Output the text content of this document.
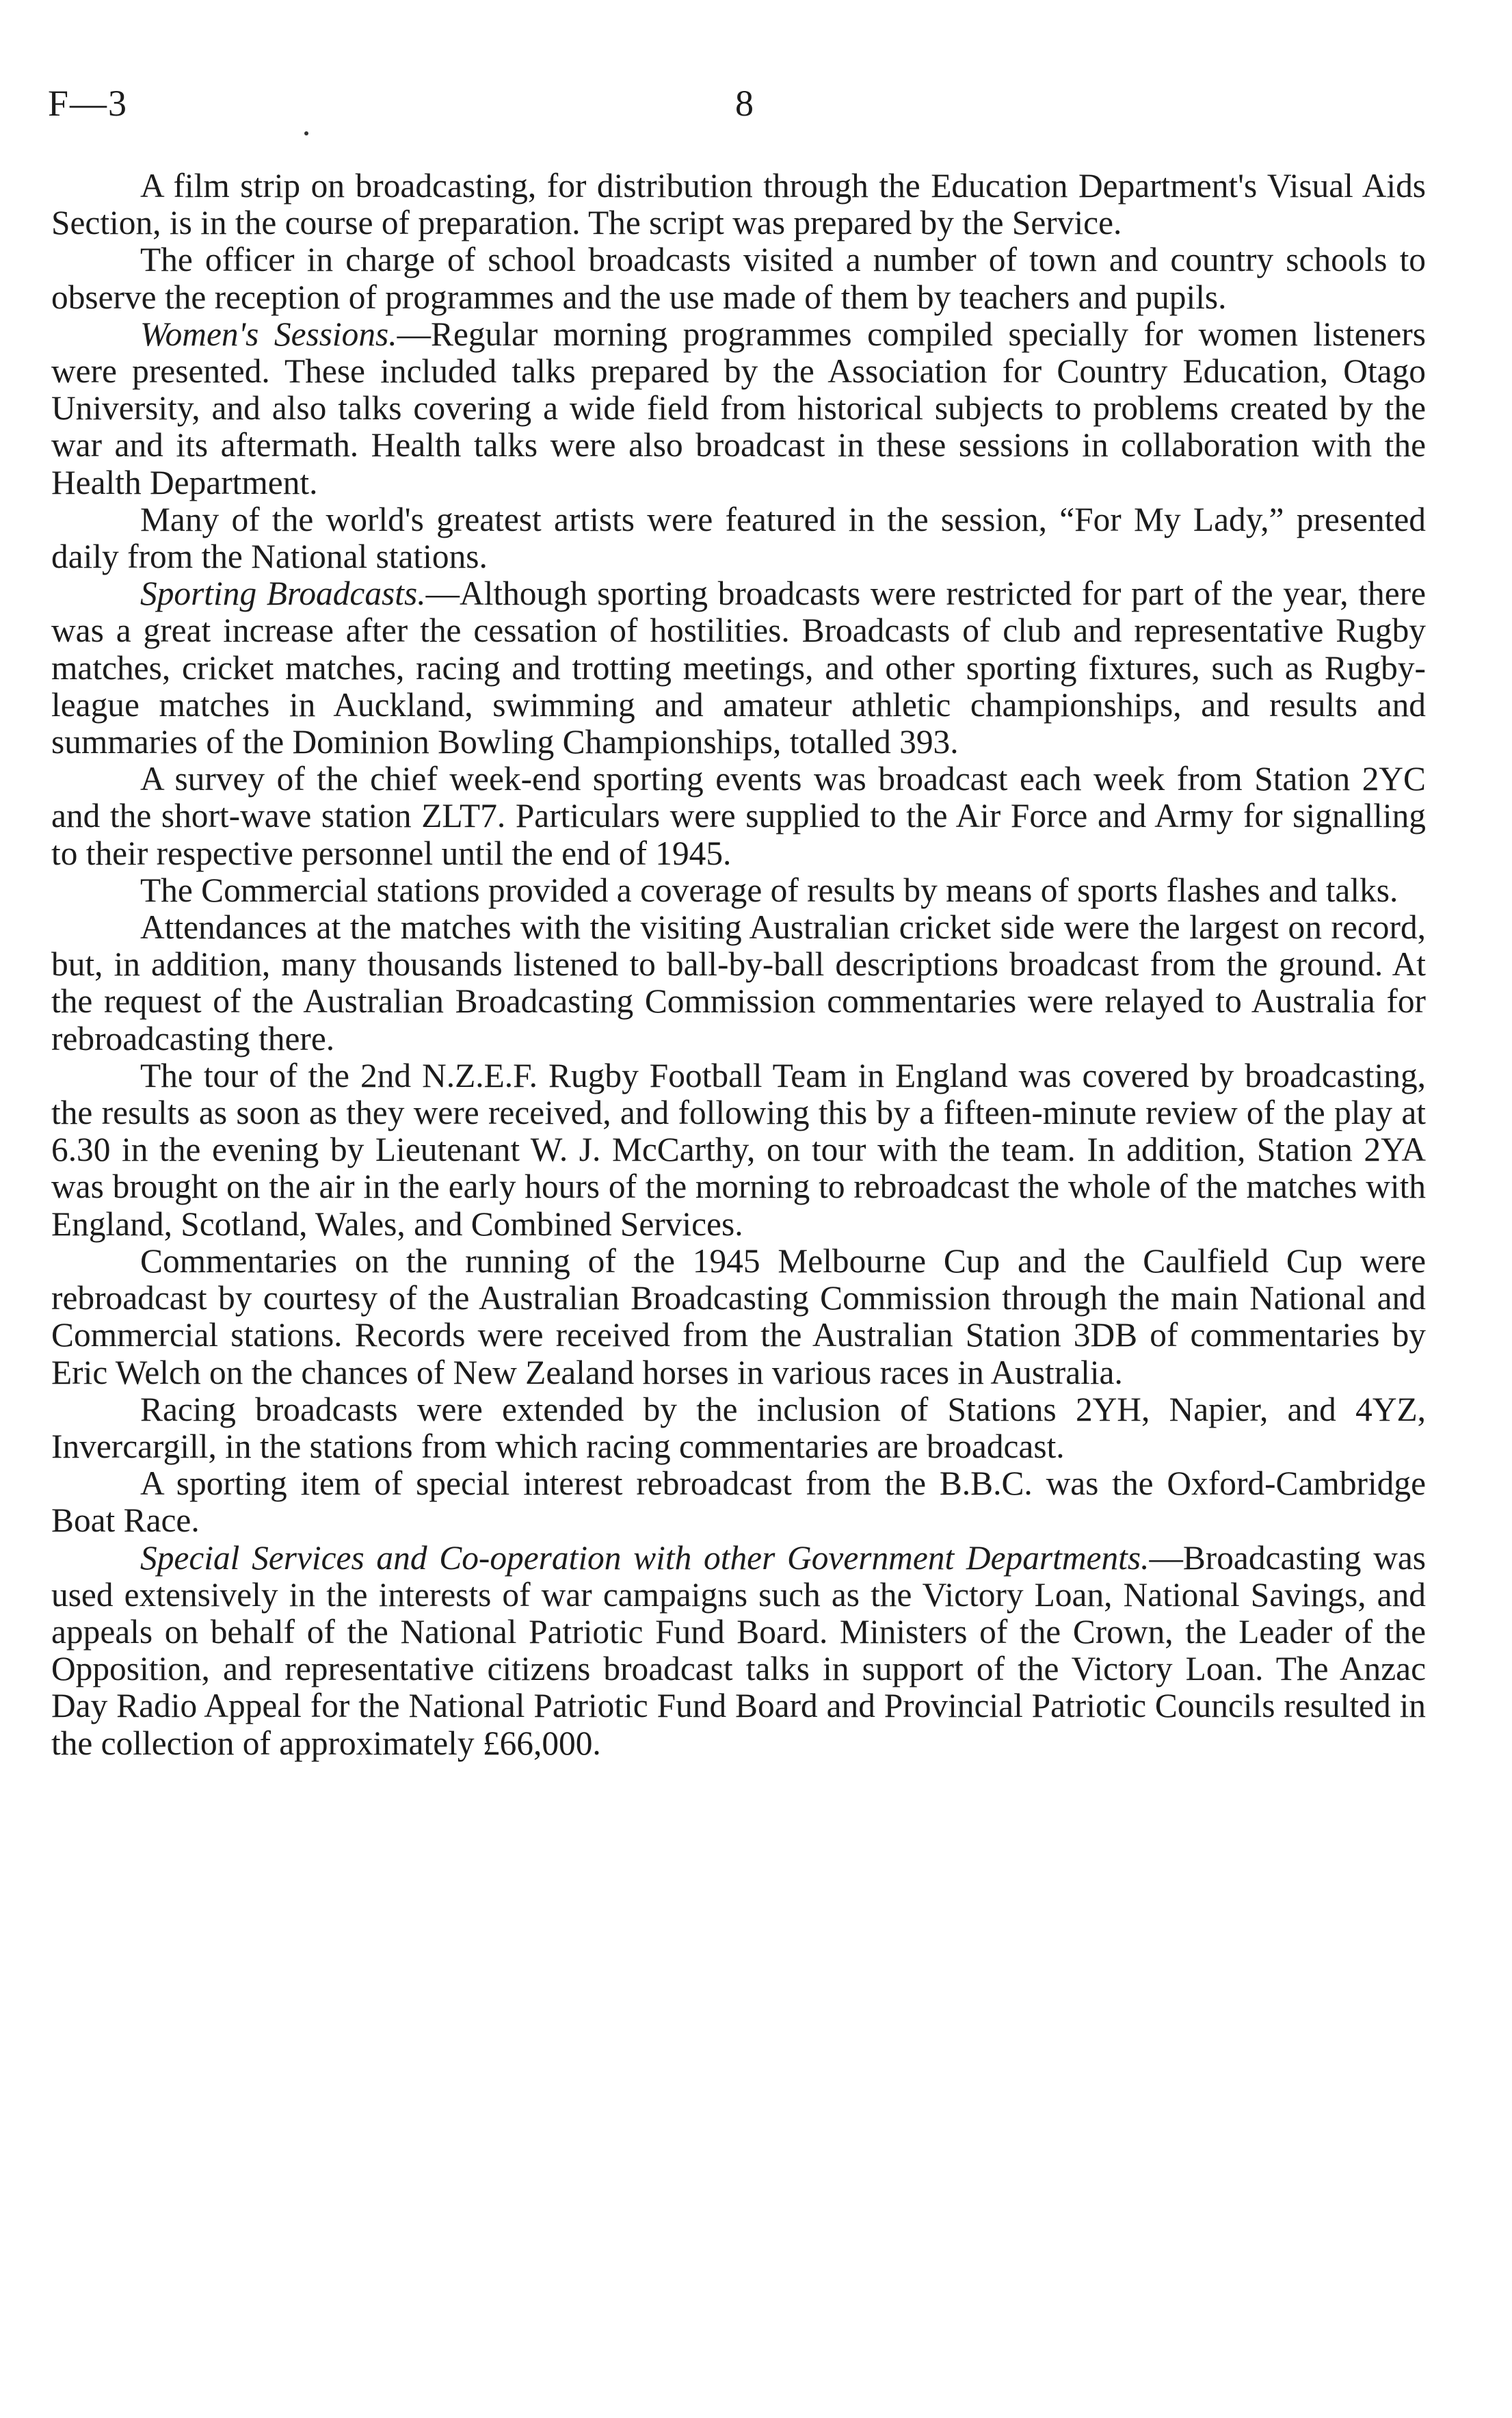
F—3	8

A film strip on broadcasting, for distribution through the Education Department's Visual Aids Section, is in the course of preparation. The script was prepared by the Service.

The officer in charge of school broadcasts visited a number of town and country schools to observe the reception of programmes and the use made of them by teachers and pupils.

Women's Sessions.—Regular morning programmes compiled specially for women listeners were presented. These included talks prepared by the Association for Country Education, Otago University, and also talks covering a wide field from historical subjects to problems created by the war and its aftermath. Health talks were also broadcast in these sessions in collaboration with the Health Department.

Many of the world's greatest artists were featured in the session, “For My Lady,” presented daily from the National stations.

Sporting Broadcasts.—Although sporting broadcasts were restricted for part of the year, there was a great increase after the cessation of hostilities. Broadcasts of club and representative Rugby matches, cricket matches, racing and trotting meetings, and other sporting fixtures, such as Rugby-league matches in Auckland, swimming and amateur athletic championships, and results and summaries of the Dominion Bowling Championships, totalled 393.

A survey of the chief week-end sporting events was broadcast each week from Station 2YC and the short-wave station ZLT7. Particulars were supplied to the Air Force and Army for signalling to their respective personnel until the end of 1945.

The Commercial stations provided a coverage of results by means of sports flashes and talks.

Attendances at the matches with the visiting Australian cricket side were the largest on record, but, in addition, many thousands listened to ball-by-ball descriptions broadcast from the ground. At the request of the Australian Broadcasting Commission commentaries were relayed to Australia for rebroadcasting there.

The tour of the 2nd N.Z.E.F. Rugby Football Team in England was covered by broadcasting, the results as soon as they were received, and following this by a fifteen-minute review of the play at 6.30 in the evening by Lieutenant W. J. McCarthy, on tour with the team. In addition, Station 2YA was brought on the air in the early hours of the morning to rebroadcast the whole of the matches with England, Scotland, Wales, and Combined Services.

Commentaries on the running of the 1945 Melbourne Cup and the Caulfield Cup were rebroadcast by courtesy of the Australian Broadcasting Commission through the main National and Commercial stations. Records were received from the Australian Station 3DB of commentaries by Eric Welch on the chances of New Zealand horses in various races in Australia.

Racing broadcasts were extended by the inclusion of Stations 2YH, Napier, and 4YZ, Invercargill, in the stations from which racing commentaries are broadcast.

A sporting item of special interest rebroadcast from the B.B.C. was the Oxford-Cambridge Boat Race.

Special Services and Co-operation with other Government Departments.—Broadcasting was used extensively in the interests of war campaigns such as the Victory Loan, National Savings, and appeals on behalf of the National Patriotic Fund Board. Ministers of the Crown, the Leader of the Opposition, and representative citizens broadcast talks in support of the Victory Loan. The Anzac Day Radio Appeal for the National Patriotic Fund Board and Provincial Patriotic Councils resulted in the collection of approximately £66,000.
